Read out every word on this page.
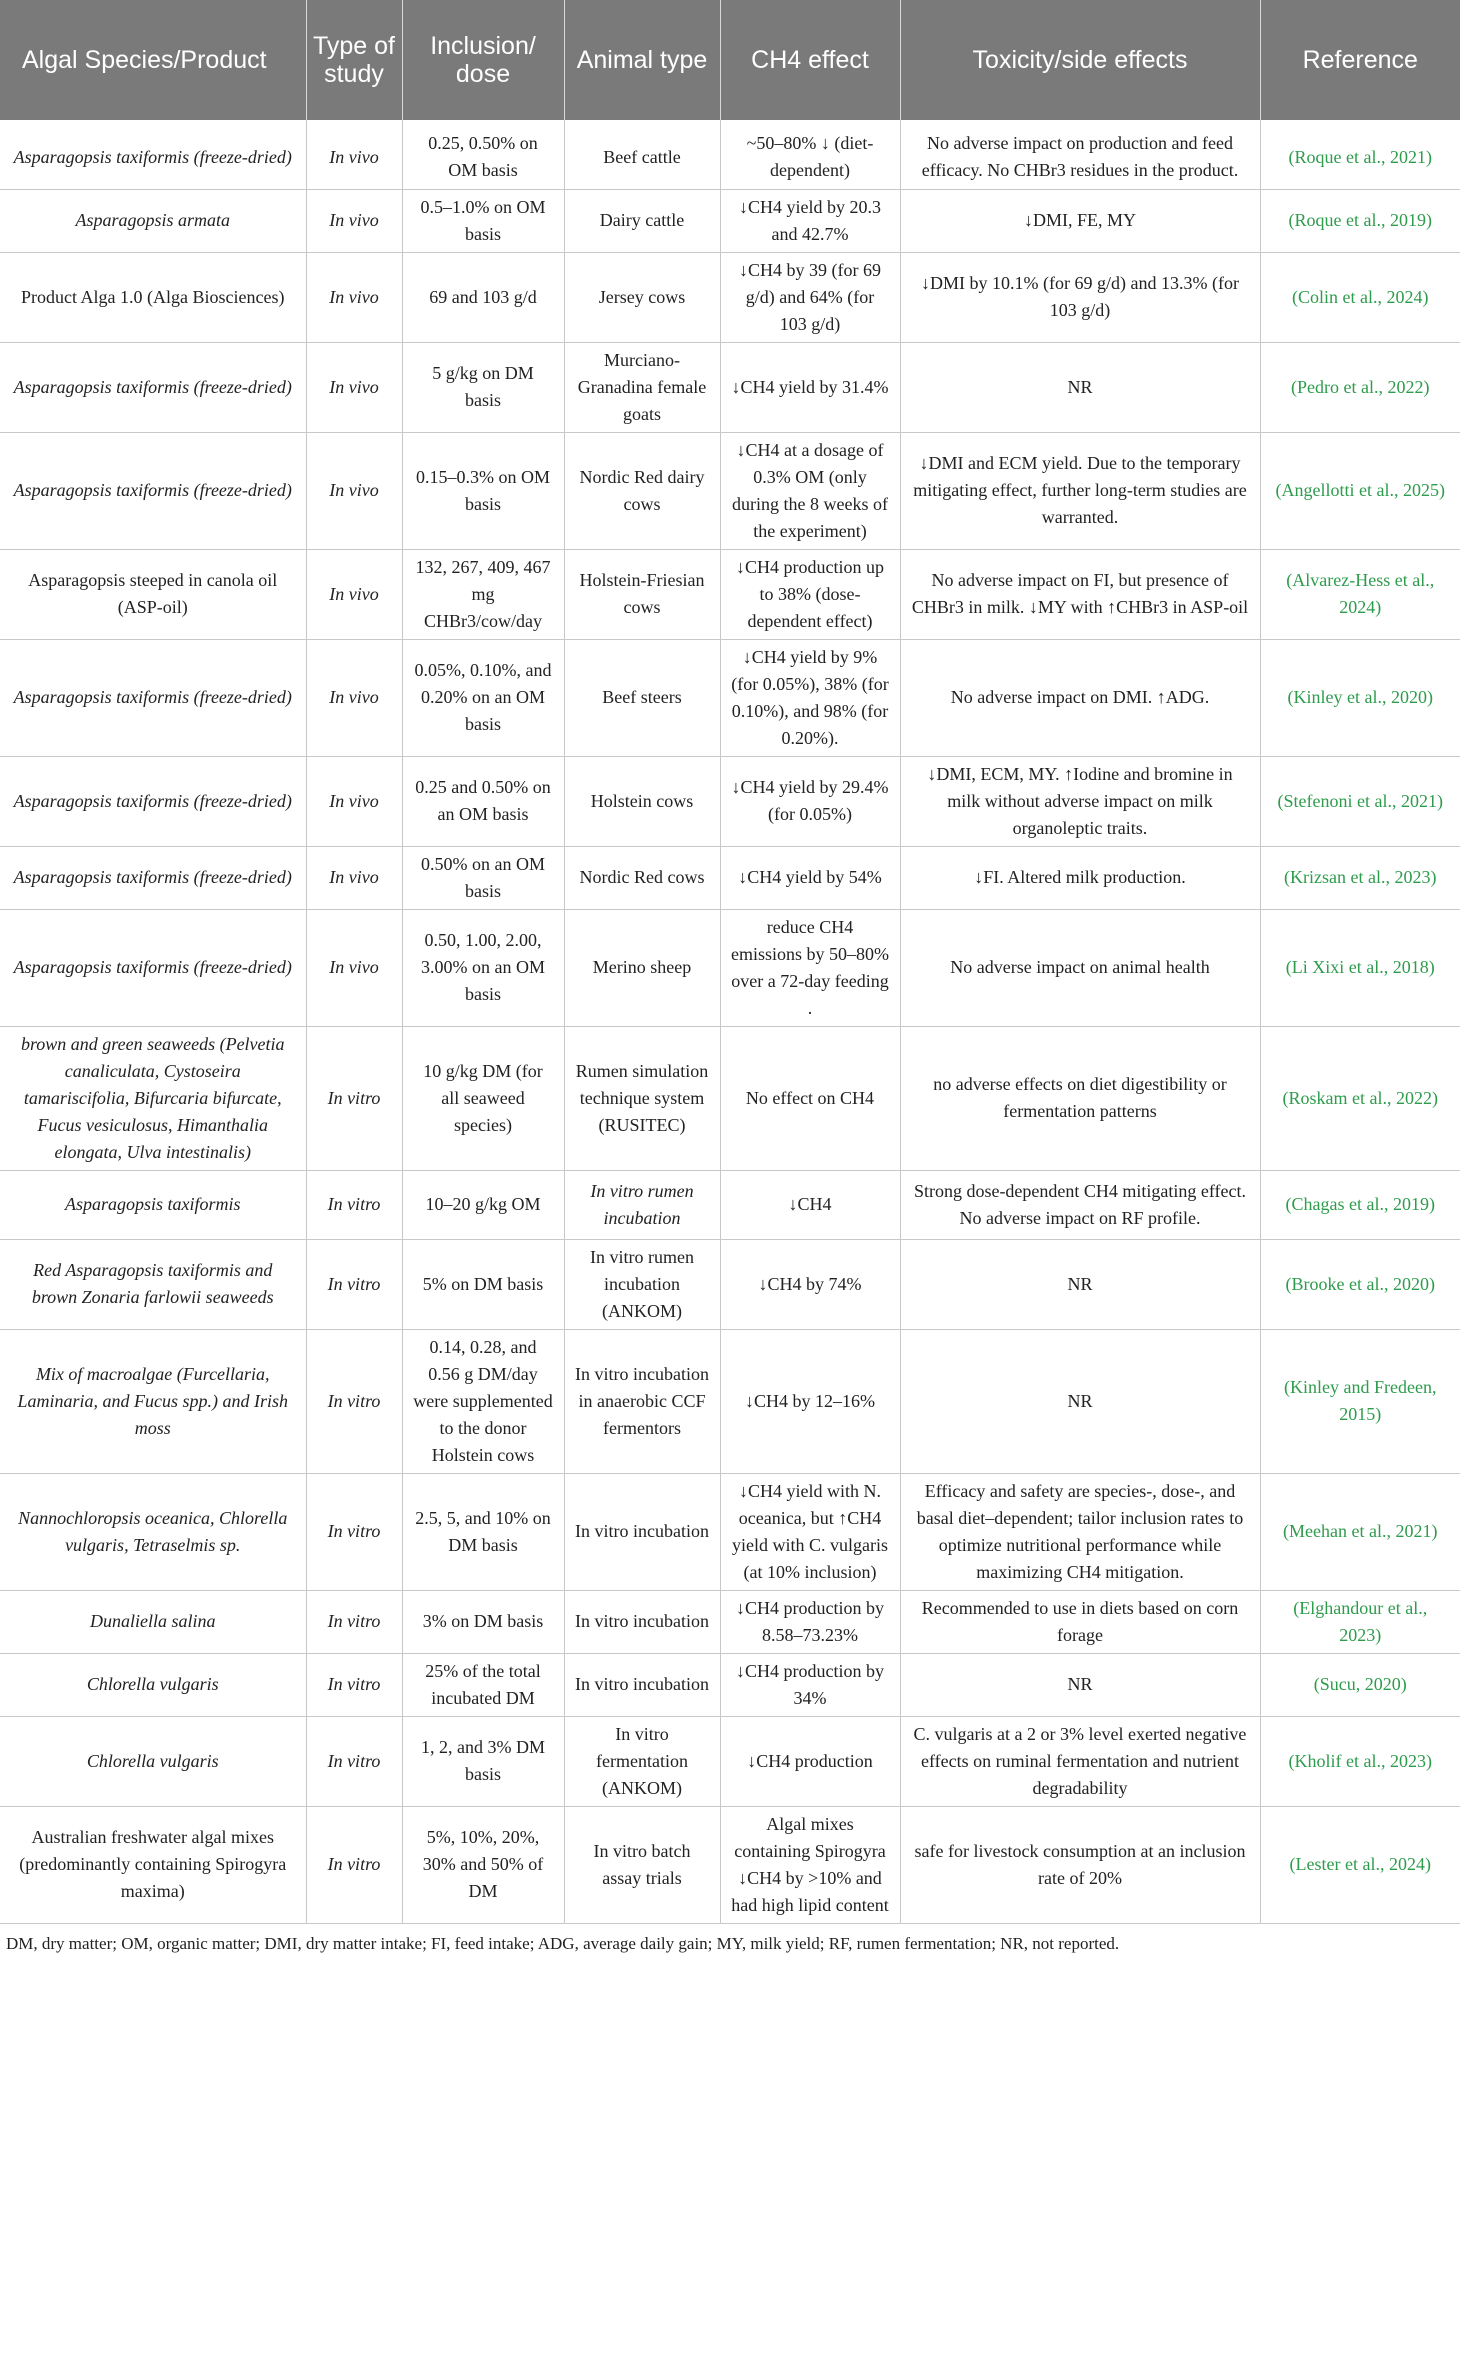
Algal Species/Product	Type of study	Inclusion/ dose	Animal type	CH4 effect	Toxicity/side effects	Reference
Asparagopsis taxiformis (freeze-dried)	In vivo	0.25, 0.50% on OM basis	Beef cattle	~50–80% ↓ (diet-dependent)	No adverse impact on production and feed efficacy. No CHBr3 residues in the product.	(Roque et al., 2021)
Asparagopsis armata	In vivo	0.5–1.0% on OM basis	Dairy cattle	↓CH4 yield by 20.3 and 42.7%	↓DMI, FE, MY	(Roque et al., 2019)
Product Alga 1.0 (Alga Biosciences)	In vivo	69 and 103 g/d	Jersey cows	↓CH4 by 39 (for 69 g/d) and 64% (for 103 g/d)	↓DMI by 10.1% (for 69 g/d) and 13.3% (for 103 g/d)	(Colin et al., 2024)
Asparagopsis taxiformis (freeze-dried)	In vivo	5 g/kg on DM basis	Murciano-Granadina female goats	↓CH4 yield by 31.4%	NR	(Pedro et al., 2022)
Asparagopsis taxiformis (freeze-dried)	In vivo	0.15–0.3% on OM basis	Nordic Red dairy cows	↓CH4 at a dosage of 0.3% OM (only during the 8 weeks of the experiment)	↓DMI and ECM yield. Due to the temporary mitigating effect, further long-term studies are warranted.	(Angellotti et al., 2025)
Asparagopsis steeped in canola oil (ASP-oil)	In vivo	132, 267, 409, 467 mg CHBr3/cow/day	Holstein-Friesian cows	↓CH4 production up to 38% (dose-dependent effect)	No adverse impact on FI, but presence of CHBr3 in milk. ↓MY with ↑CHBr3 in ASP-oil	(Alvarez-Hess et al., 2024)
Asparagopsis taxiformis (freeze-dried)	In vivo	0.05%, 0.10%, and 0.20% on an OM basis	Beef steers	↓CH4 yield by 9% (for 0.05%), 38% (for 0.10%), and 98% (for 0.20%).	No adverse impact on DMI. ↑ADG.	(Kinley et al., 2020)
Asparagopsis taxiformis (freeze-dried)	In vivo	0.25 and 0.50% on an OM basis	Holstein cows	↓CH4 yield by 29.4% (for 0.05%)	↓DMI, ECM, MY. ↑Iodine and bromine in milk without adverse impact on milk organoleptic traits.	(Stefenoni et al., 2021)
Asparagopsis taxiformis (freeze-dried)	In vivo	0.50% on an OM basis	Nordic Red cows	↓CH4 yield by 54%	↓FI. Altered milk production.	(Krizsan et al., 2023)
Asparagopsis taxiformis (freeze-dried)	In vivo	0.50, 1.00, 2.00, 3.00% on an OM basis	Merino sheep	reduce CH4 emissions by 50–80% over a 72-day feeding .	No adverse impact on animal health	(Li Xixi et al., 2018)
brown and green seaweeds (Pelvetia canaliculata, Cystoseira tamariscifolia, Bifurcaria bifurcate, Fucus vesiculosus, Himanthalia elongata, Ulva intestinalis)	In vitro	10 g/kg DM (for all seaweed species)	Rumen simulation technique system (RUSITEC)	No effect on CH4	no adverse effects on diet digestibility or fermentation patterns	(Roskam et al., 2022)
Asparagopsis taxiformis	In vitro	10–20 g/kg OM	In vitro rumen incubation	↓CH4	Strong dose-dependent CH4 mitigating effect. No adverse impact on RF profile.	(Chagas et al., 2019)
Red Asparagopsis taxiformis and brown Zonaria farlowii seaweeds	In vitro	5% on DM basis	In vitro rumen incubation (ANKOM)	↓CH4 by 74%	NR	(Brooke et al., 2020)
Mix of macroalgae (Furcellaria, Laminaria, and Fucus spp.) and Irish moss	In vitro	0.14, 0.28, and 0.56 g DM/day were supplemented to the donor Holstein cows	In vitro incubation in anaerobic CCF fermentors	↓CH4 by 12–16%	NR	(Kinley and Fredeen, 2015)
Nannochloropsis oceanica, Chlorella vulgaris, Tetraselmis sp.	In vitro	2.5, 5, and 10% on DM basis	In vitro incubation	↓CH4 yield with N. oceanica, but ↑CH4 yield with C. vulgaris (at 10% inclusion)	Efficacy and safety are species-, dose-, and basal diet–dependent; tailor inclusion rates to optimize nutritional performance while maximizing CH4 mitigation.	(Meehan et al., 2021)
Dunaliella salina	In vitro	3% on DM basis	In vitro incubation	↓CH4 production by 8.58–73.23%	Recommended to use in diets based on corn forage	(Elghandour et al., 2023)
Chlorella vulgaris	In vitro	25% of the total incubated DM	In vitro incubation	↓CH4 production by 34%	NR	(Sucu, 2020)
Chlorella vulgaris	In vitro	1, 2, and 3% DM basis	In vitro fermentation (ANKOM)	↓CH4 production	C. vulgaris at a 2 or 3% level exerted negative effects on ruminal fermentation and nutrient degradability	(Kholif et al., 2023)
Australian freshwater algal mixes (predominantly containing Spirogyra maxima)	In vitro	5%, 10%, 20%, 30% and 50% of DM	In vitro batch assay trials	Algal mixes containing Spirogyra ↓CH4 by >10% and had high lipid content	safe for livestock consumption at an inclusion rate of 20%	(Lester et al., 2024)
DM, dry matter; OM, organic matter; DMI, dry matter intake; FI, feed intake; ADG, average daily gain; MY, milk yield; RF, rumen fermentation; NR, not reported.
